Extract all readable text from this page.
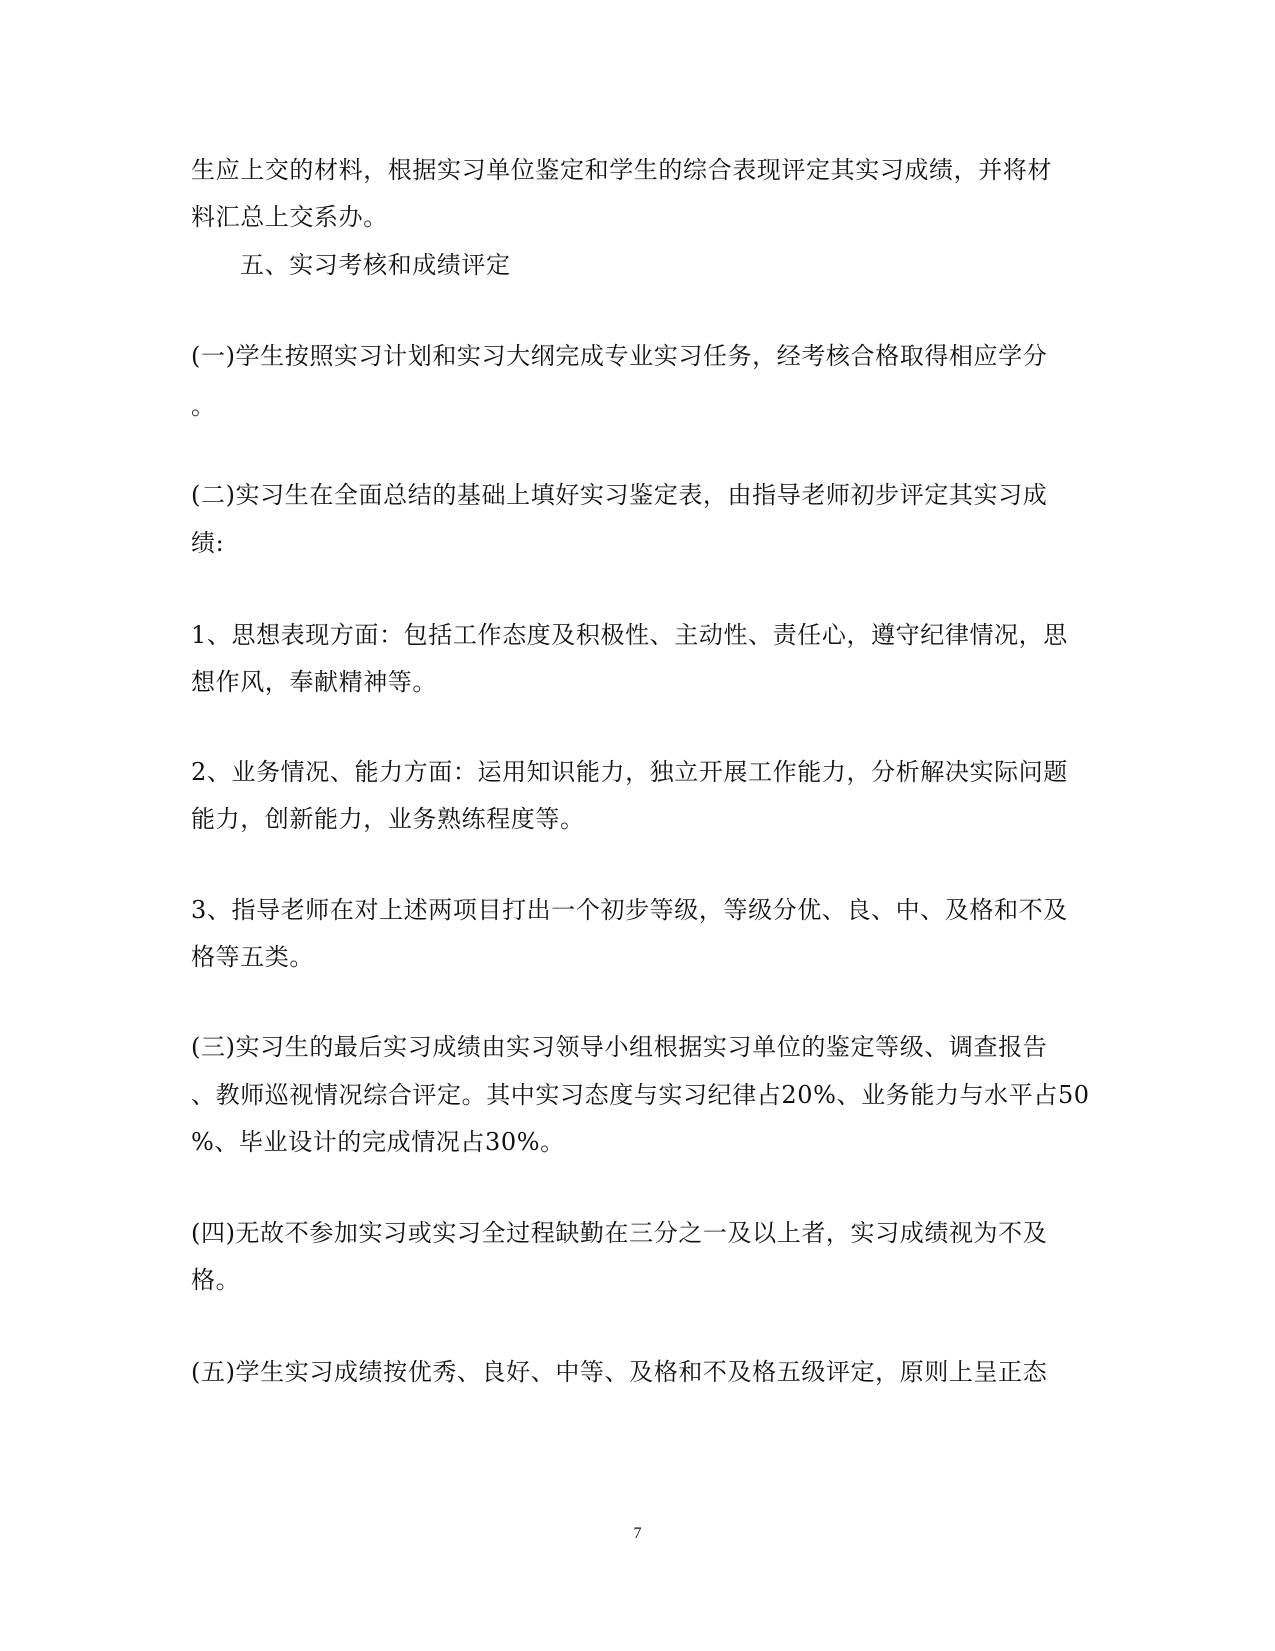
生应上交的材料，根据实习单位鉴定和学生的综合表现评定其实习成绩，并将材
料汇总上交系办。
五、实习考核和成绩评定
(一)学生按照实习计划和实习大纲完成专业实习任务，经考核合格取得相应学分
。
(二)实习生在全面总结的基础上填好实习鉴定表，由指导老师初步评定其实习成
绩:
1、思想表现方面：包括工作态度及积极性、主动性、责任心，遵守纪律情况，思
想作风，奉献精神等。
2、业务情况、能力方面：运用知识能力，独立开展工作能力，分析解决实际问题
能力，创新能力，业务熟练程度等。
3、指导老师在对上述两项目打出一个初步等级，等级分优、良、中、及格和不及
格等五类。
(三)实习生的最后实习成绩由实习领导小组根据实习单位的鉴定等级、调查报告
、教师巡视情况综合评定。其中实习态度与实习纪律占20%、业务能力与水平占50
%、毕业设计的完成情况占30%。
(四)无故不参加实习或实习全过程缺勤在三分之一及以上者，实习成绩视为不及
格。
(五)学生实习成绩按优秀、良好、中等、及格和不及格五级评定，原则上呈正态
7
